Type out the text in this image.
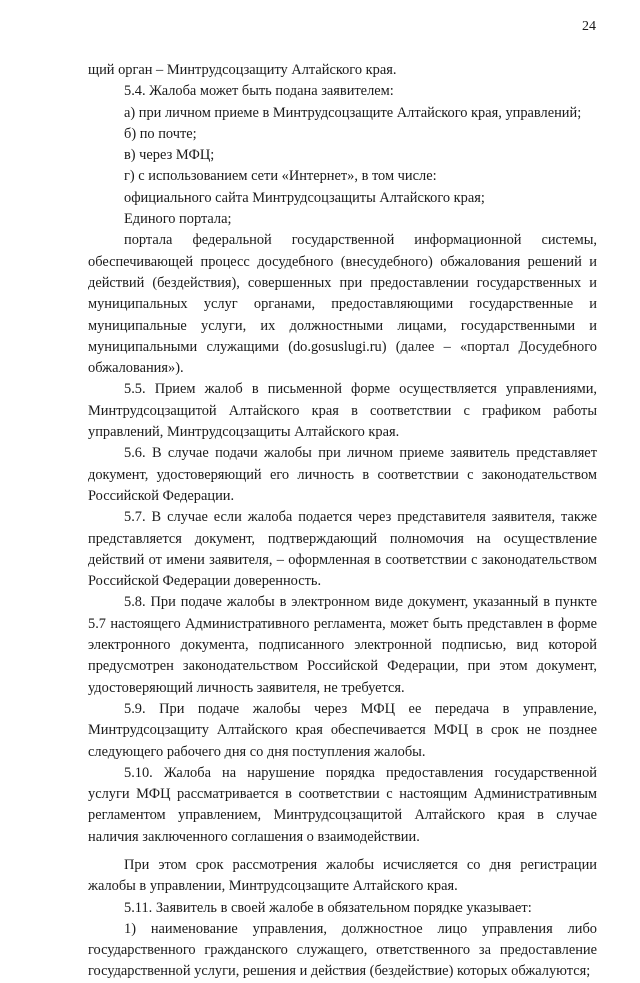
24

щий орган – Минтрудсоцзащиту Алтайского края.

5.4. Жалоба может быть подана заявителем:

а) при личном приеме в Минтрудсоцзащите Алтайского края, управлений;

б) по почте;

в) через МФЦ;

г) с использованием сети «Интернет», в том числе:

официального сайта Минтрудсоцзащиты Алтайского края;

Единого портала;

портала федеральной государственной информационной системы, обеспечивающей процесс досудебного (внесудебного) обжалования решений и действий (бездействия), совершенных при предоставлении государственных и муниципальных услуг органами, предоставляющими государственные и муниципальные услуги, их должностными лицами, государственными и муниципальными служащими (do.gosuslugi.ru) (далее – «портал Досудебного обжалования»).

5.5. Прием жалоб в письменной форме осуществляется управлениями, Минтрудсоцзащитой Алтайского края в соответствии с графиком работы управлений, Минтрудсоцзащиты Алтайского края.

5.6. В случае подачи жалобы при личном приеме заявитель представляет документ, удостоверяющий его личность в соответствии с законодательством Российской Федерации.

5.7. В случае если жалоба подается через представителя заявителя, также представляется документ, подтверждающий полномочия на осуществление действий от имени заявителя, – оформленная в соответствии с законодательством Российской Федерации доверенность.

5.8. При подаче жалобы в электронном виде документ, указанный в пункте 5.7 настоящего Административного регламента, может быть представлен в форме электронного документа, подписанного электронной подписью, вид которой предусмотрен законодательством Российской Федерации, при этом документ, удостоверяющий личность заявителя, не требуется.

5.9. При подаче жалобы через МФЦ ее передача в управление, Минтрудсоцзащиту Алтайского края обеспечивается МФЦ в срок не позднее следующего рабочего дня со дня поступления жалобы.

5.10. Жалоба на нарушение порядка предоставления государственной услуги МФЦ рассматривается в соответствии с настоящим Административным регламентом управлением, Минтрудсоцзащитой Алтайского края в случае наличия заключенного соглашения о взаимодействии.

При этом срок рассмотрения жалобы исчисляется со дня регистрации жалобы в управлении, Минтрудсоцзащите Алтайского края.

5.11. Заявитель в своей жалобе в обязательном порядке указывает:

1) наименование управления, должностное лицо управления либо государственного гражданского служащего, ответственного за предоставление государственной услуги, решения и действия (бездействие) которых обжалуются;
